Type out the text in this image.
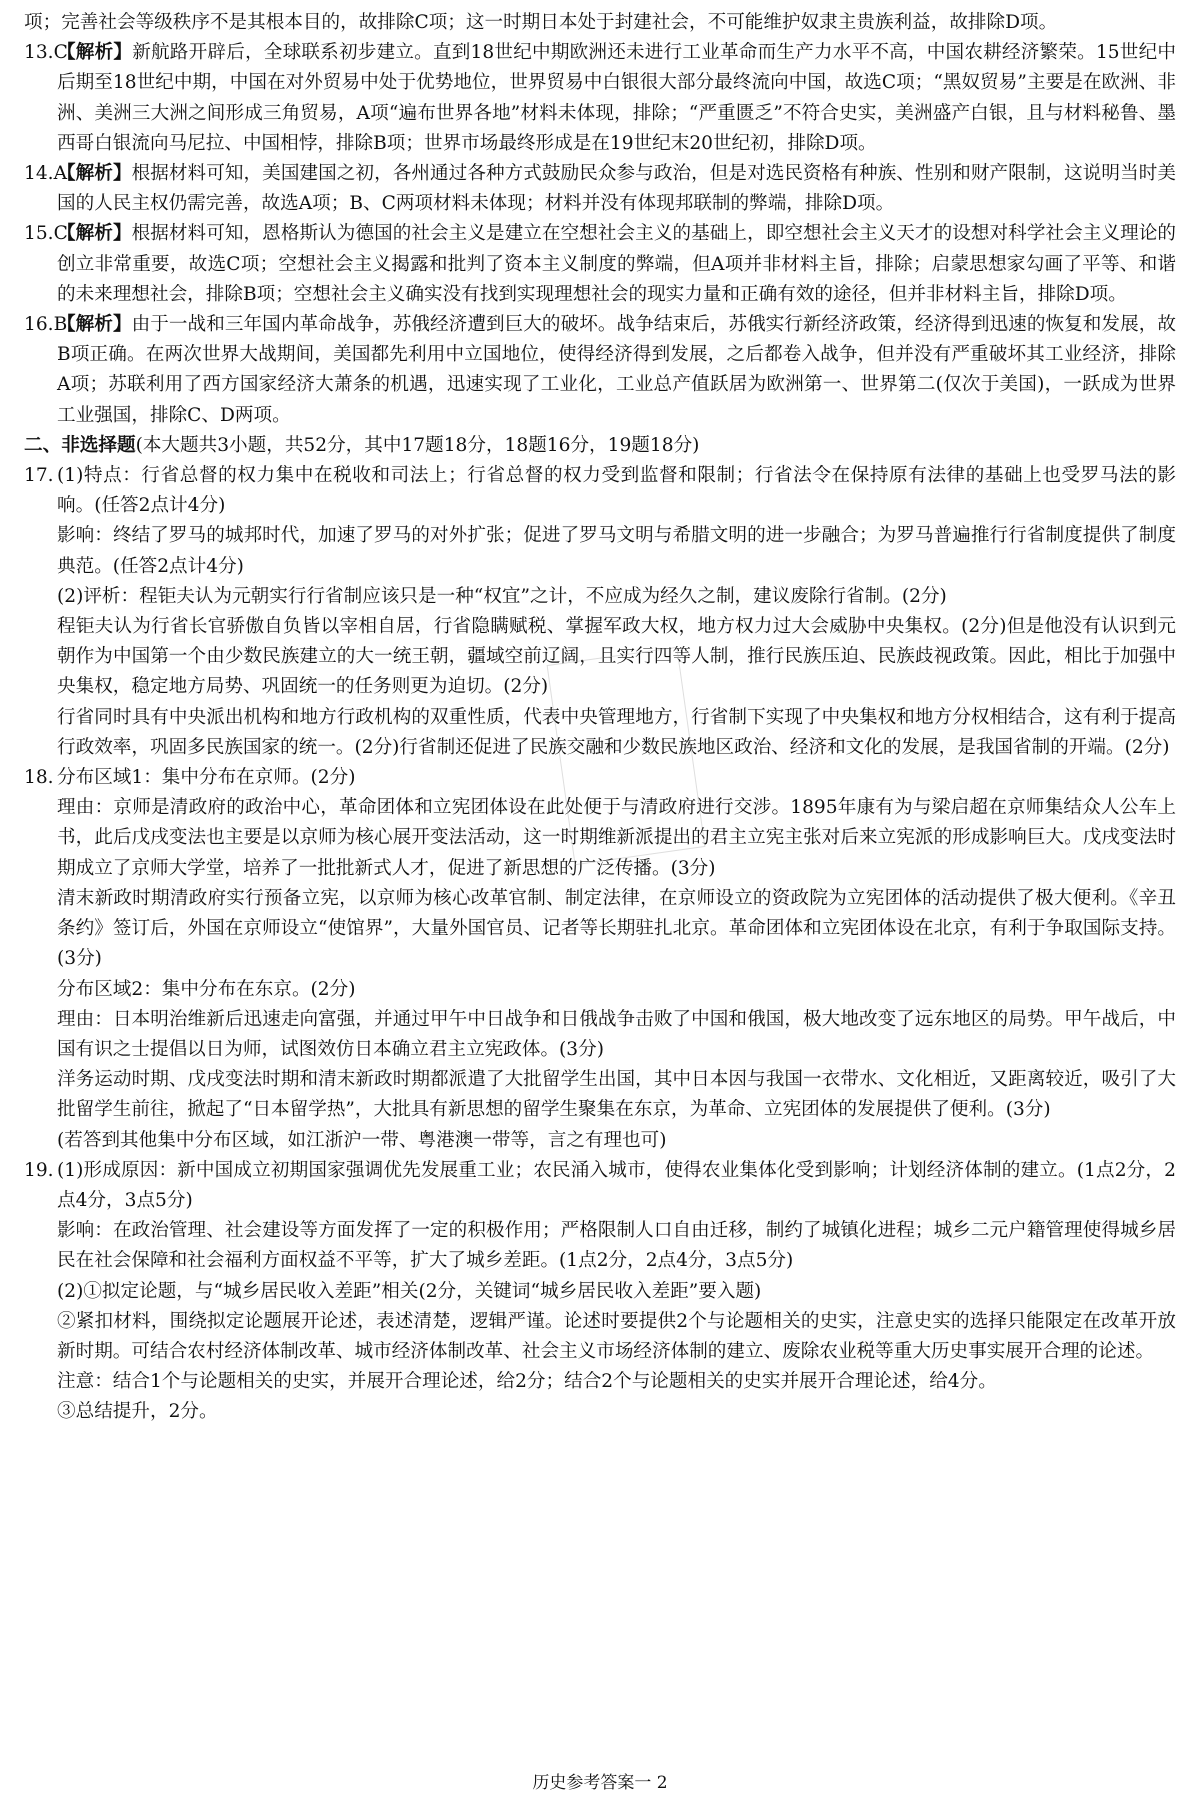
项；完善社会等级秩序不是其根本目的，故排除C项；这一时期日本处于封建社会，不可能维护奴隶主贵族利益，故排除D项。

13.C
【解析】新航路开辟后，全球联系初步建立。直到18世纪中期欧洲还未进行工业革命而生产力水平不高，中国农耕经济繁荣。15世纪中后期至18世纪中期，中国在对外贸易中处于优势地位，世界贸易中白银很大部分最终流向中国，故选C项；“黑奴贸易”主要是在欧洲、非洲、美洲三大洲之间形成三角贸易，A项“遍布世界各地”材料未体现，排除；“严重匮乏”不符合史实，美洲盛产白银，且与材料秘鲁、墨西哥白银流向马尼拉、中国相悖，排除B项；世界市场最终形成是在19世纪末20世纪初，排除D项。
14.A
【解析】根据材料可知，美国建国之初，各州通过各种方式鼓励民众参与政治，但是对选民资格有种族、性别和财产限制，这说明当时美国的人民主权仍需完善，故选A项；B、C两项材料未体现；材料并没有体现邦联制的弊端，排除D项。
15.C
【解析】根据材料可知，恩格斯认为德国的社会主义是建立在空想社会主义的基础上，即空想社会主义天才的设想对科学社会主义理论的创立非常重要，故选C项；空想社会主义揭露和批判了资本主义制度的弊端，但A项并非材料主旨，排除；启蒙思想家勾画了平等、和谐的未来理想社会，排除B项；空想社会主义确实没有找到实现理想社会的现实力量和正确有效的途径，但并非材料主旨，排除D项。
16.B
【解析】由于一战和三年国内革命战争，苏俄经济遭到巨大的破坏。战争结束后，苏俄实行新经济政策，经济得到迅速的恢复和发展，故B项正确。在两次世界大战期间，美国都先利用中立国地位，使得经济得到发展，之后都卷入战争，但并没有严重破坏其工业经济，排除A项；苏联利用了西方国家经济大萧条的机遇，迅速实现了工业化，工业总产值跃居为欧洲第一、世界第二(仅次于美国)，一跃成为世界工业强国，排除C、D两项。

二、非选择题(本大题共3小题，共52分，其中17题18分，18题16分，19题18分)

17. (1)特点：行省总督的权力集中在税收和司法上；行省总督的权力受到监督和限制；行省法令在保持原有法律的基础上也受罗马法的影响。(任答2点计4分)

影响：终结了罗马的城邦时代，加速了罗马的对外扩张；促进了罗马文明与希腊文明的进一步融合；为罗马普遍推行行省制度提供了制度典范。(任答2点计4分)

(2)评析：程钜夫认为元朝实行行省制应该只是一种“权宜”之计，不应成为经久之制，建议废除行省制。(2分)

程钜夫认为行省长官骄傲自负皆以宰相自居，行省隐瞒赋税、掌握军政大权，地方权力过大会威胁中央集权。(2分)但是他没有认识到元朝作为中国第一个由少数民族建立的大一统王朝，疆域空前辽阔，且实行四等人制，推行民族压迫、民族歧视政策。因此，相比于加强中央集权，稳定地方局势、巩固统一的任务则更为迫切。(2分)

行省同时具有中央派出机构和地方行政机构的双重性质，代表中央管理地方，行省制下实现了中央集权和地方分权相结合，这有利于提高行政效率，巩固多民族国家的统一。(2分)行省制还促进了民族交融和少数民族地区政治、经济和文化的发展，是我国省制的开端。(2分)

18. 分布区域1：集中分布在京师。(2分)

理由：京师是清政府的政治中心，革命团体和立宪团体设在此处便于与清政府进行交涉。1895年康有为与梁启超在京师集结众人公车上书，此后戊戌变法也主要是以京师为核心展开变法活动，这一时期维新派提出的君主立宪主张对后来立宪派的形成影响巨大。戊戌变法时期成立了京师大学堂，培养了一批批新式人才，促进了新思想的广泛传播。(3分)

清末新政时期清政府实行预备立宪，以京师为核心改革官制、制定法律，在京师设立的资政院为立宪团体的活动提供了极大便利。《辛丑条约》签订后，外国在京师设立“使馆界”，大量外国官员、记者等长期驻扎北京。革命团体和立宪团体设在北京，有利于争取国际支持。(3分)

分布区域2：集中分布在东京。(2分)

理由：日本明治维新后迅速走向富强，并通过甲午中日战争和日俄战争击败了中国和俄国，极大地改变了远东地区的局势。甲午战后，中国有识之士提倡以日为师，试图效仿日本确立君主立宪政体。(3分)

洋务运动时期、戊戌变法时期和清末新政时期都派遣了大批留学生出国，其中日本因与我国一衣带水、文化相近，又距离较近，吸引了大批留学生前往，掀起了“日本留学热”，大批具有新思想的留学生聚集在东京，为革命、立宪团体的发展提供了便利。(3分)

(若答到其他集中分布区域，如江浙沪一带、粤港澳一带等，言之有理也可)

19. (1)形成原因：新中国成立初期国家强调优先发展重工业；农民涌入城市，使得农业集体化受到影响；计划经济体制的建立。(1点2分，2点4分，3点5分)

影响：在政治管理、社会建设等方面发挥了一定的积极作用；严格限制人口自由迁移，制约了城镇化进程；城乡二元户籍管理使得城乡居民在社会保障和社会福利方面权益不平等，扩大了城乡差距。(1点2分，2点4分，3点5分)

(2)①拟定论题，与“城乡居民收入差距”相关(2分，关键词“城乡居民收入差距”要入题)

②紧扣材料，围绕拟定论题展开论述，表述清楚，逻辑严谨。论述时要提供2个与论题相关的史实，注意史实的选择只能限定在改革开放新时期。可结合农村经济体制改革、城市经济体制改革、社会主义市场经济体制的建立、废除农业税等重大历史事实展开合理的论述。

注意：结合1个与论题相关的史实，并展开合理论述，给2分；结合2个与论题相关的史实并展开合理论述，给4分。

③总结提升，2分。

历史参考答案一 2
